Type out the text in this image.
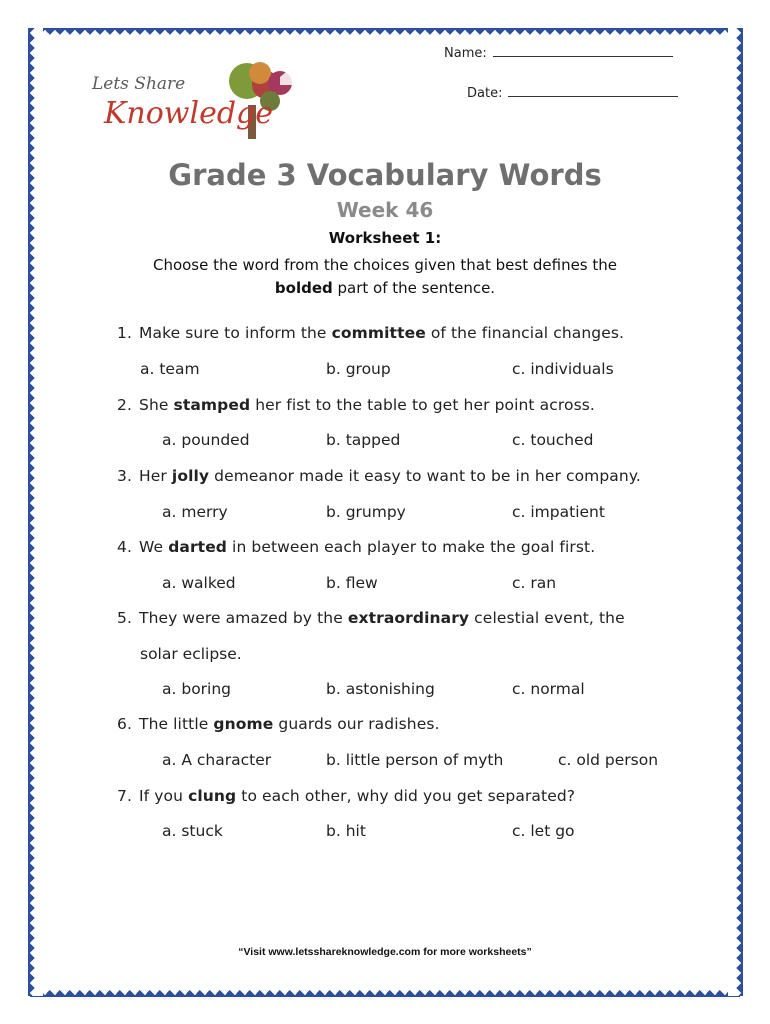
Name:
Date:
Lets Share
Knowledge
Grade 3 Vocabulary Words
Week 46
Worksheet 1:
Choose the word from the choices given that best defines the
bolded part of the sentence.
1. Make sure to inform the committee of the financial changes.
a. team	b. group	c. individuals
2. She stamped her fist to the table to get her point across.
a. pounded	b. tapped	c. touched
3. Her jolly demeanor made it easy to want to be in her company.
a. merry	b. grumpy	c. impatient
4. We darted in between each player to make the goal first.
a. walked	b. flew	c. ran
5. They were amazed by the extraordinary celestial event, the
solar eclipse.
a. boring	b. astonishing	c. normal
6. The little gnome guards our radishes.
a. A character	b. little person of myth	c. old person
7. If you clung to each other, why did you get separated?
a. stuck	b. hit	c. let go
“Visit www.letsshareknowledge.com for more worksheets”
